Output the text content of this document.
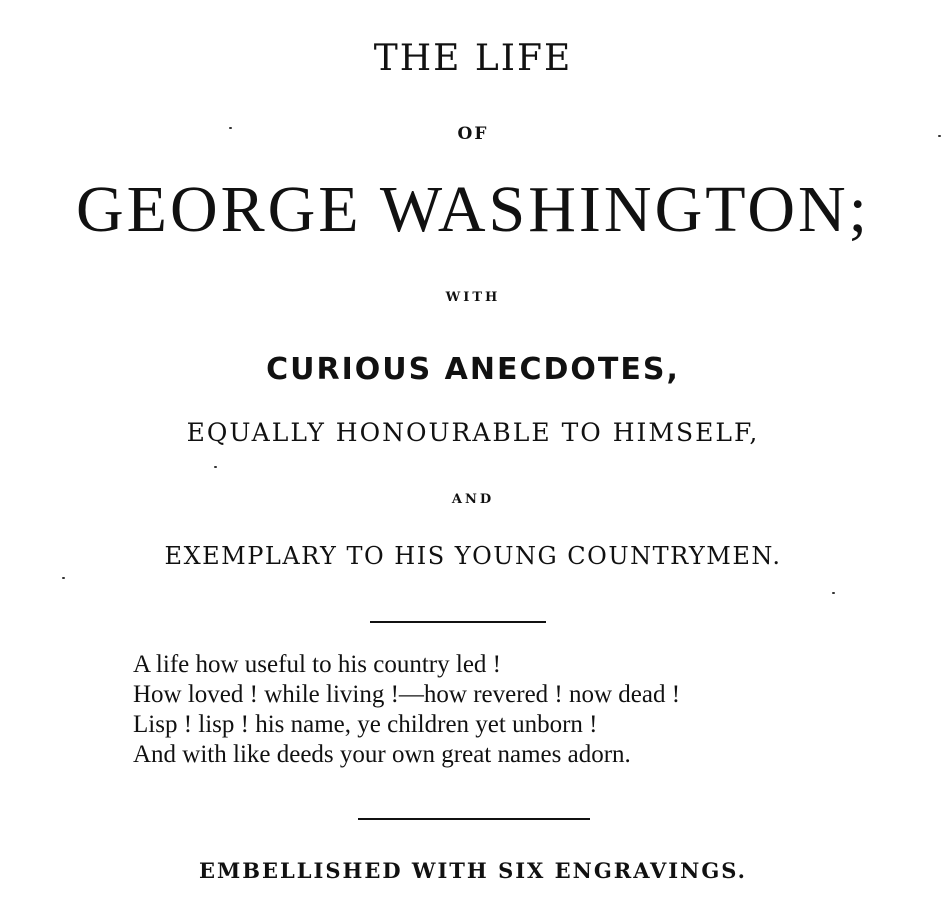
THE LIFE
OF
GEORGE WASHINGTON;
WITH
CURIOUS ANECDOTES,
EQUALLY HONOURABLE TO HIMSELF,
AND
EXEMPLARY TO HIS YOUNG COUNTRYMEN.
A life how useful to his country led !
How loved ! while living !—how revered ! now dead !
Lisp ! lisp ! his name, ye children yet unborn !
And with like deeds your own great names adorn.
EMBELLISHED WITH SIX ENGRAVINGS.
